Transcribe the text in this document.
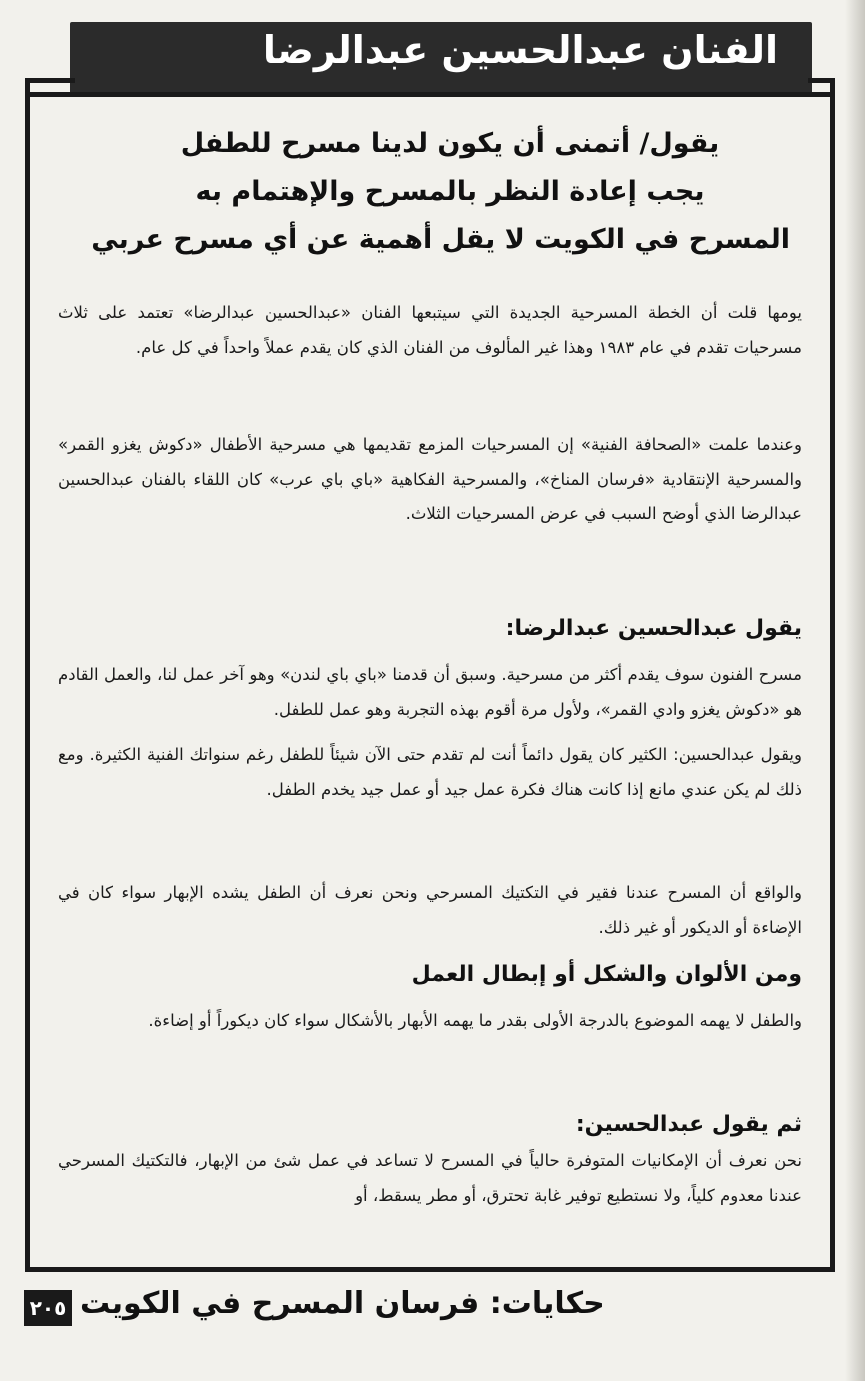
الفنان عبدالحسين عبدالرضا
يقول/ أتمنى أن يكون لدينا مسرح للطفل
يجب إعادة النظر بالمسرح والإهتمام به
المسرح في الكويت لا يقل أهمية عن أي مسرح عربي
يومها قلت أن الخطة المسرحية الجديدة التي سيتبعها الفنان «عبدالحسين عبدالرضا» تعتمد على ثلاث مسرحيات تقدم في عام ١٩٨٣ وهذا غير المألوف من الفنان الذي كان يقدم عملاً واحداً في كل عام.
وعندما علمت «الصحافة الفنية» إن المسرحيات المزمع تقديمها هي مسرحية الأطفال «دكوش يغزو القمر» والمسرحية الإنتقادية «فرسان المناخ»، والمسرحية الفكاهية «باي باي عرب» كان اللقاء بالفنان عبدالحسين عبدالرضا الذي أوضح السبب في عرض المسرحيات الثلاث.
يقول عبدالحسين عبدالرضا:
مسرح الفنون سوف يقدم أكثر من مسرحية. وسبق أن قدمنا «باي باي لندن» وهو آخر عمل لنا، والعمل القادم هو «دكوش يغزو وادي القمر»، ولأول مرة أقوم بهذه التجربة وهو عمل للطفل.
ويقول عبدالحسين: الكثير كان يقول دائماً أنت لم تقدم حتى الآن شيئاً للطفل رغم سنواتك الفنية الكثيرة. ومع ذلك لم يكن عندي مانع إذا كانت هناك فكرة عمل جيد أو عمل جيد يخدم الطفل.
والواقع أن المسرح عندنا فقير في التكتيك المسرحي ونحن نعرف أن الطفل يشده الإبهار سواء كان في الإضاءة أو الديكور أو غير ذلك.
ومن الألوان والشكل أو إبطال العمل
والطفل لا يهمه الموضوع بالدرجة الأولى بقدر ما يهمه الأبهار بالأشكال سواء كان ديكوراً أو إضاءة.
ثم يقول عبدالحسين:
نحن نعرف أن الإمكانيات المتوفرة حالياً في المسرح لا تساعد في عمل شئ من الإبهار، فالتكتيك المسرحي عندنا معدوم كلياً، ولا نستطيع توفير غابة تحترق، أو مطر يسقط، أو
٢٠٥ حكايات: فرسان المسرح في الكويت
